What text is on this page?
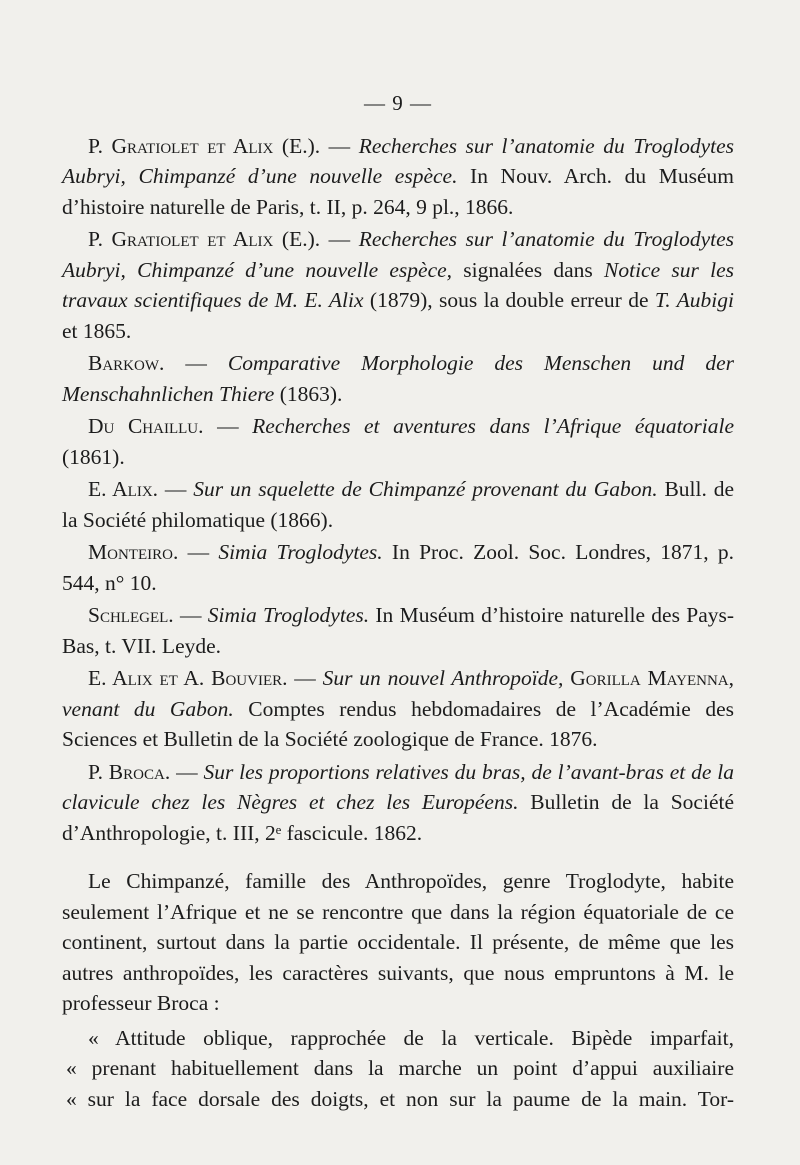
— 9 —

P. Gratiolet et Alix (E.). — Recherches sur l’anatomie du Troglodytes Aubryi, Chimpanzé d’une nouvelle espèce. In Nouv. Arch. du Muséum d’histoire naturelle de Paris, t. II, p. 264, 9 pl., 1866.

P. Gratiolet et Alix (E.). — Recherches sur l’anatomie du Troglodytes Aubryi, Chimpanzé d’une nouvelle espèce, signalées dans Notice sur les travaux scientifiques de M. E. Alix (1879), sous la double erreur de T. Aubigi et 1865.

Barkow. — Comparative Morphologie des Menschen und der Menschahnlichen Thiere (1863).

Du Chaillu. — Recherches et aventures dans l’Afrique équatoriale (1861).

E. Alix. — Sur un squelette de Chimpanzé provenant du Gabon. Bull. de la Société philomatique (1866).

Monteiro. — Simia Troglodytes. In Proc. Zool. Soc. Londres, 1871, p. 544, n° 10.

Schlegel. — Simia Troglodytes. In Muséum d’histoire naturelle des Pays-Bas, t. VII. Leyde.

E. Alix et A. Bouvier. — Sur un nouvel Anthropoïde, Gorilla Mayenna, venant du Gabon. Comptes rendus hebdomadaires de l’Académie des Sciences et Bulletin de la Société zoologique de France. 1876.

P. Broca. — Sur les proportions relatives du bras, de l’avant-bras et de la clavicule chez les Nègres et chez les Européens. Bulletin de la Société d’Anthropologie, t. III, 2ᵉ fascicule. 1862.

Le Chimpanzé, famille des Anthropoïdes, genre Troglodyte, habite seulement l’Afrique et ne se rencontre que dans la région équatoriale de ce continent, surtout dans la partie occidentale. Il présente, de même que les autres anthropoïdes, les caractères suivants, que nous empruntons à M. le professeur Broca :

« Attitude oblique, rapprochée de la verticale. Bipède imparfait,
« prenant habituellement dans la marche un point d’appui auxiliaire
« sur la face dorsale des doigts, et non sur la paume de la main. Tor-
